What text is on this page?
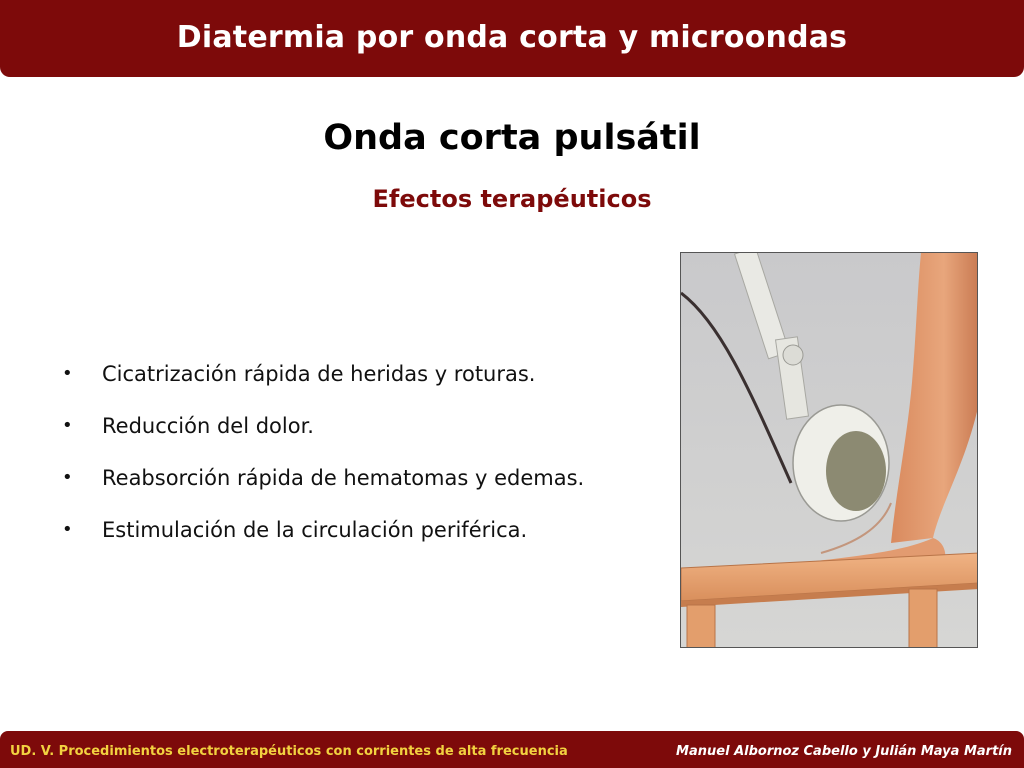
Diatermia por onda corta y microondas
Onda corta pulsátil
Efectos terapéuticos
• Cicatrización rápida de heridas y roturas.
• Reducción del dolor.
• Reabsorción rápida de hematomas y edemas.
• Estimulación de la circulación periférica.
UD. V. Procedimientos electroterapéuticos con corrientes de alta frecuencia	Manuel Albornoz Cabello y Julián Maya Martín
